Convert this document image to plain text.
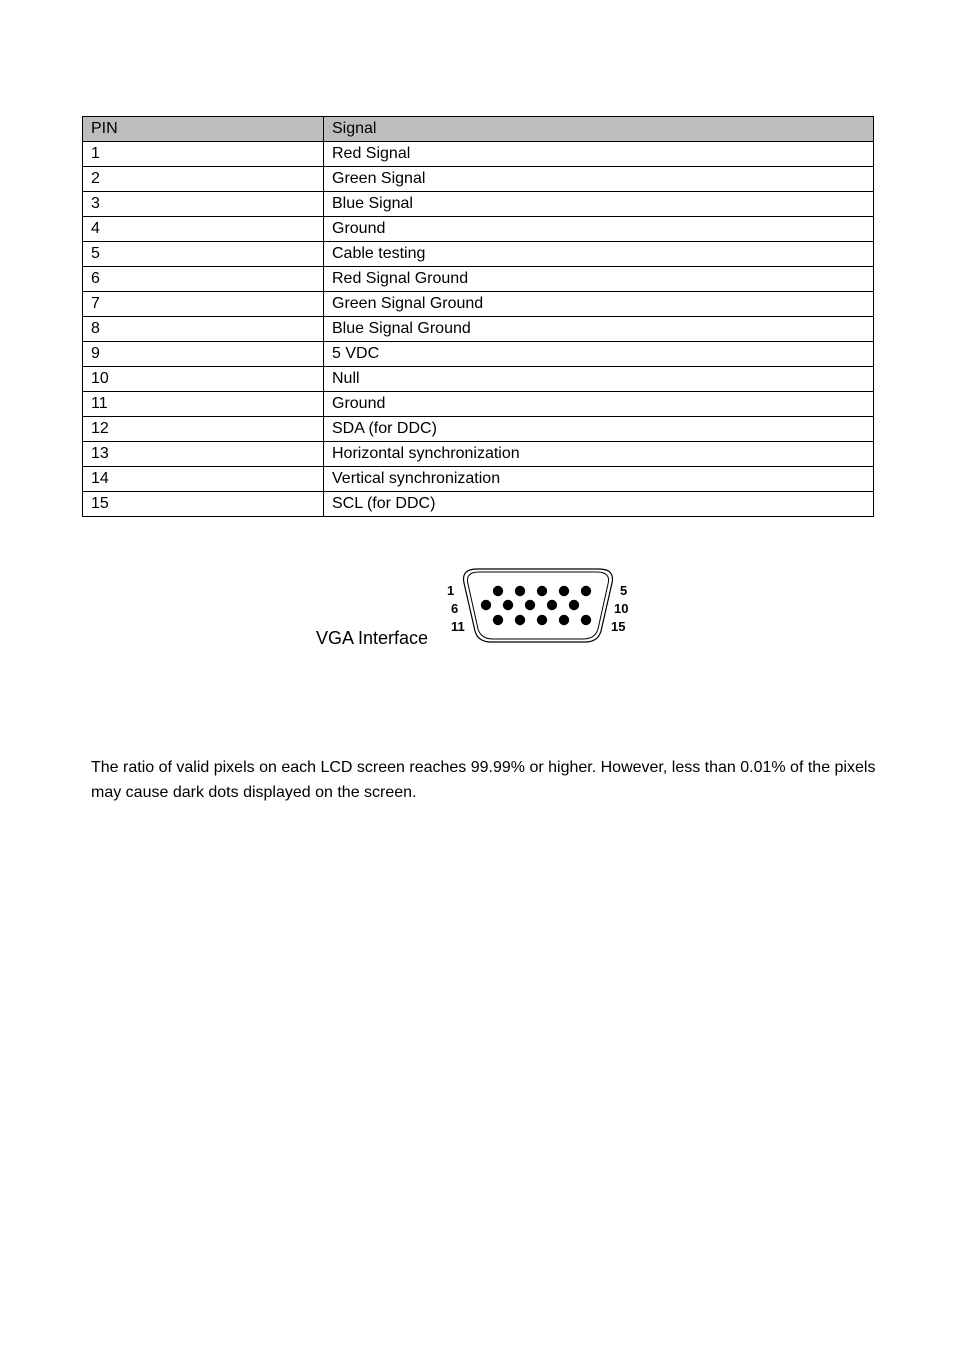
PIN	Signal
1	Red Signal
2	Green Signal
3	Blue Signal
4	Ground
5	Cable testing
6	Red Signal Ground
7	Green Signal Ground
8	Blue Signal Ground
9	5 VDC
10	Null
11	Ground
12	SDA (for DDC)
13	Horizontal synchronization
14	Vertical synchronization
15	SCL (for DDC)
VGA Interface
1
6
11
5
10
15

The ratio of valid pixels on each LCD screen reaches 99.99% or higher. However, less than 0.01% of the pixels may cause dark dots displayed on the screen.
